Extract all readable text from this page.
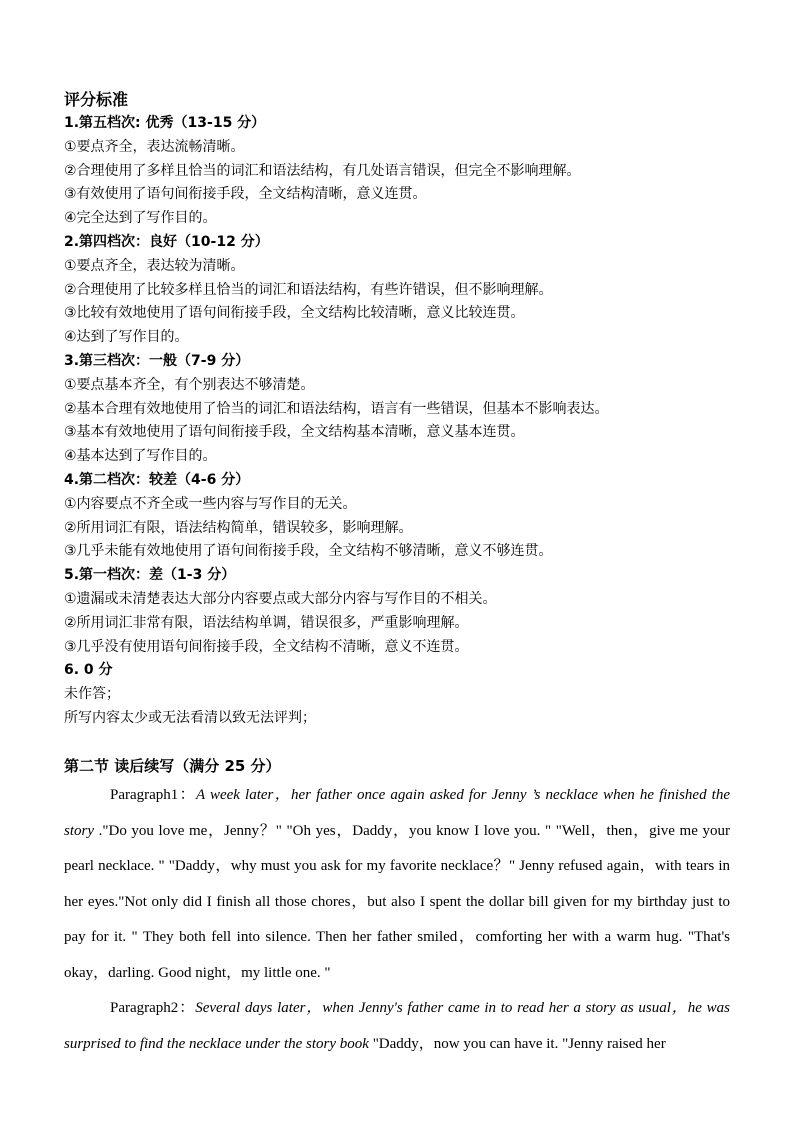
评分标准
1.第五档次: 优秀（13-15 分）
①要点齐全，表达流畅清晰。
②合理使用了多样且恰当的词汇和语法结构，有几处语言错误，但完全不影响理解。
③有效使用了语句间衔接手段，全文结构清晰，意义连贯。
④完全达到了写作目的。
2.第四档次：良好（10-12 分）
①要点齐全，表达较为清晰。
②合理使用了比较多样且恰当的词汇和语法结构，有些许错误，但不影响理解。
③比较有效地使用了语句间衔接手段，全文结构比较清晰，意义比较连贯。
④达到了写作目的。
3.第三档次：一般（7-9 分）
①要点基本齐全，有个别表达不够清楚。
②基本合理有效地使用了恰当的词汇和语法结构，语言有一些错误，但基本不影响表达。
③基本有效地使用了语句间衔接手段，全文结构基本清晰，意义基本连贯。
④基本达到了写作目的。
4.第二档次：较差（4-6 分）
①内容要点不齐全或一些内容与写作目的无关。
②所用词汇有限，语法结构简单，错误较多，影响理解。
③几乎未能有效地使用了语句间衔接手段，全文结构不够清晰，意义不够连贯。
5.第一档次：差（1-3 分）
①遗漏或未清楚表达大部分内容要点或大部分内容与写作目的不相关。
②所用词汇非常有限，语法结构单调，错误很多，严重影响理解。
③几乎没有使用语句间衔接手段，全文结构不清晰，意义不连贯。
6. 0 分
未作答；
所写内容太少或无法看清以致无法评判；
第二节 读后续写（满分 25 分）

Paragraph1：A week later，her father once again asked for Jenny ’s necklace when he finished the story ."Do you love me，Jenny？" "Oh yes，Daddy，you know I love you. " "Well，then，give me your pearl necklace. " "Daddy，why must you ask for my favorite necklace？" Jenny refused again，with tears in her eyes."Not only did I finish all those chores，but also I spent the dollar bill given for my birthday just to pay for it. " They both fell into silence. Then her father smiled，comforting her with a warm hug. "That's okay，darling. Good night，my little one. "

Paragraph2：Several days later，when Jenny's father came in to read her a story as usual，he was surprised to find the necklace under the story book "Daddy，now you can have it. "Jenny raised her
